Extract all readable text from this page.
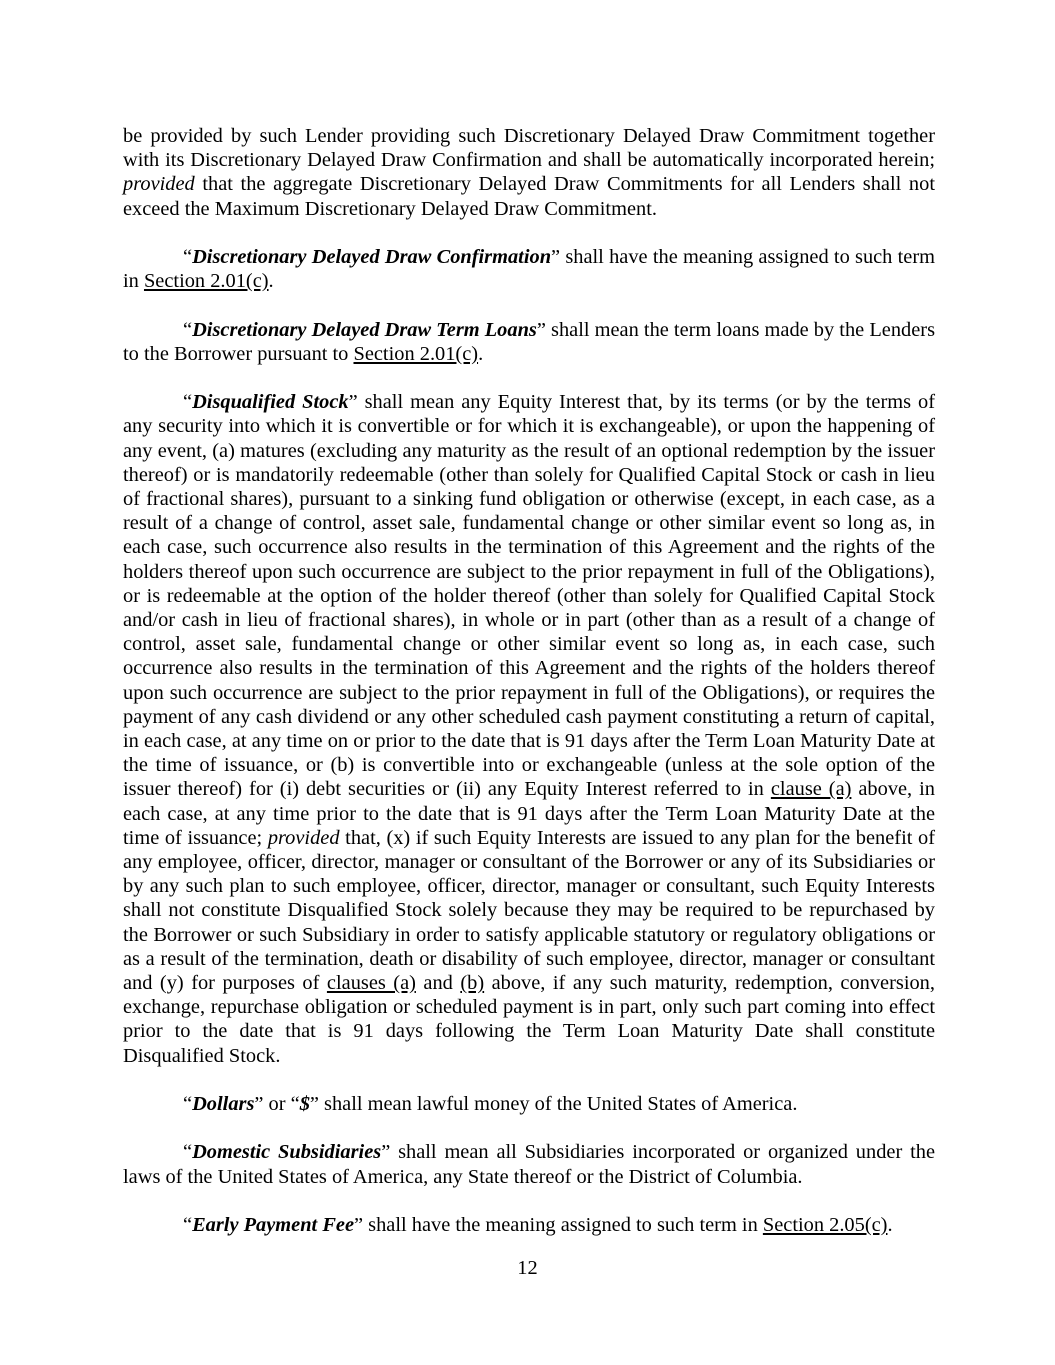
be provided by such Lender providing such Discretionary Delayed Draw Commitment together with its Discretionary Delayed Draw Confirmation and shall be automatically incorporated herein; provided that the aggregate Discretionary Delayed Draw Commitments for all Lenders shall not exceed the Maximum Discretionary Delayed Draw Commitment.

“Discretionary Delayed Draw Confirmation” shall have the meaning assigned to such term in Section 2.01(c).

“Discretionary Delayed Draw Term Loans” shall mean the term loans made by the Lenders to the Borrower pursuant to Section 2.01(c).

“Disqualified Stock” shall mean any Equity Interest that, by its terms (or by the terms of any security into which it is convertible or for which it is exchangeable), or upon the happening of any event, (a) matures (excluding any maturity as the result of an optional redemption by the issuer thereof) or is mandatorily redeemable (other than solely for Qualified Capital Stock or cash in lieu of fractional shares), pursuant to a sinking fund obligation or otherwise (except, in each case, as a result of a change of control, asset sale, fundamental change or other similar event so long as, in each case, such occurrence also results in the termination of this Agreement and the rights of the holders thereof upon such occurrence are subject to the prior repayment in full of the Obligations), or is redeemable at the option of the holder thereof (other than solely for Qualified Capital Stock and/or cash in lieu of fractional shares), in whole or in part (other than as a result of a change of control, asset sale, fundamental change or other similar event so long as, in each case, such occurrence also results in the termination of this Agreement and the rights of the holders thereof upon such occurrence are subject to the prior repayment in full of the Obligations), or requires the payment of any cash dividend or any other scheduled cash payment constituting a return of capital, in each case, at any time on or prior to the date that is 91 days after the Term Loan Maturity Date at the time of issuance, or (b) is convertible into or exchangeable (unless at the sole option of the issuer thereof) for (i) debt securities or (ii) any Equity Interest referred to in clause (a) above, in each case, at any time prior to the date that is 91 days after the Term Loan Maturity Date at the time of issuance; provided that, (x) if such Equity Interests are issued to any plan for the benefit of any employee, officer, director, manager or consultant of the Borrower or any of its Subsidiaries or by any such plan to such employee, officer, director, manager or consultant, such Equity Interests shall not constitute Disqualified Stock solely because they may be required to be repurchased by the Borrower or such Subsidiary in order to satisfy applicable statutory or regulatory obligations or as a result of the termination, death or disability of such employee, director, manager or consultant and (y) for purposes of clauses (a) and (b) above, if any such maturity, redemption, conversion, exchange, repurchase obligation or scheduled payment is in part, only such part coming into effect prior to the date that is 91 days following the Term Loan Maturity Date shall constitute Disqualified Stock.

“Dollars” or “$” shall mean lawful money of the United States of America.

“Domestic Subsidiaries” shall mean all Subsidiaries incorporated or organized under the laws of the United States of America, any State thereof or the District of Columbia.

“Early Payment Fee” shall have the meaning assigned to such term in Section 2.05(c).

12
